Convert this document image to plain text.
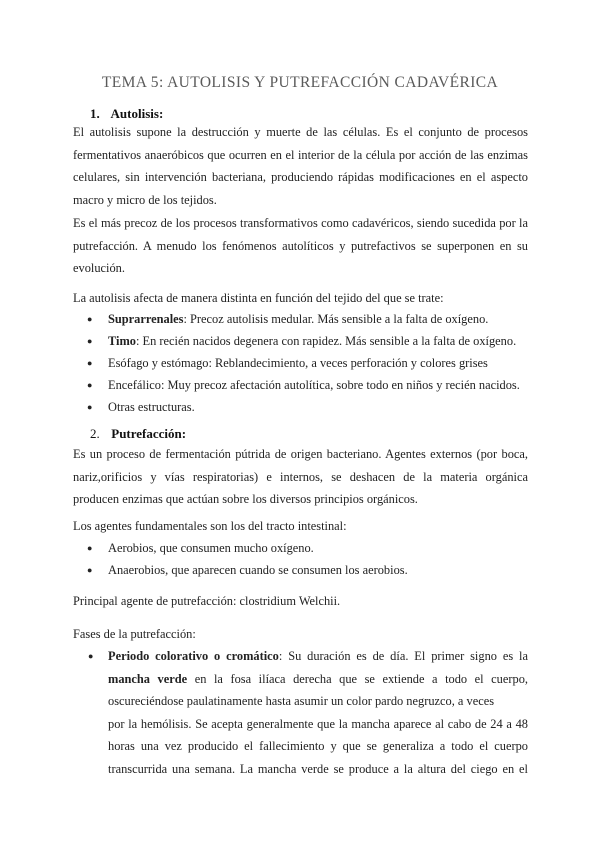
TEMA 5: AUTOLISIS Y PUTREFACCIÓN CADAVÉRICA
1. Autolisis:
El autolisis supone la destrucción y muerte de las células. Es el conjunto de procesos
fermentativos anaeróbicos que ocurren en el interior de la célula por acción de las enzimas
celulares, sin intervención bacteriana, produciendo rápidas modificaciones en el aspecto
macro y micro de los tejidos.
Es el más precoz de los procesos transformativos como cadavéricos, siendo sucedida por la
putrefacción. A menudo los fenómenos autolíticos y putrefactivos se superponen en su
evolución.

La autolisis afecta de manera distinta en función del tejido del que se trate:

● Suprarrenales: Precoz autolisis medular. Más sensible a la falta de oxígeno.
● Timo: En recién nacidos degenera con rapidez. Más sensible a la falta de oxígeno.
● Esófago y estómago: Reblandecimiento, a veces perforación y colores grises
● Encefálico: Muy precoz afectación autolítica, sobre todo en niños y recién nacidos.
● Otras estructuras.
2. Putrefacción:
Es un proceso de fermentación pútrida de origen bacteriano. Agentes externos (por boca,
nariz,orificios y vías respiratorias) e internos, se deshacen de la materia orgánica
producen enzimas que actúan sobre los diversos principios orgánicos.

Los agentes fundamentales son los del tracto intestinal:

● Aerobios, que consumen mucho oxígeno.
● Anaerobios, que aparecen cuando se consumen los aerobios.

Principal agente de putrefacción: clostridium Welchii.

Fases de la putrefacción:

● Periodo colorativo o cromático: Su duración es de día. El primer signo es la
mancha verde en la fosa ilíaca derecha que se extiende a todo el cuerpo,
oscureciéndose paulatinamente hasta asumir un color pardo negruzco, a veces
por la hemólisis. Se acepta generalmente que la mancha aparece al cabo de 24 a 48
horas una vez producido el fallecimiento y que se generaliza a todo el cuerpo
transcurrida una semana. La mancha verde se produce a la altura del ciego en el
